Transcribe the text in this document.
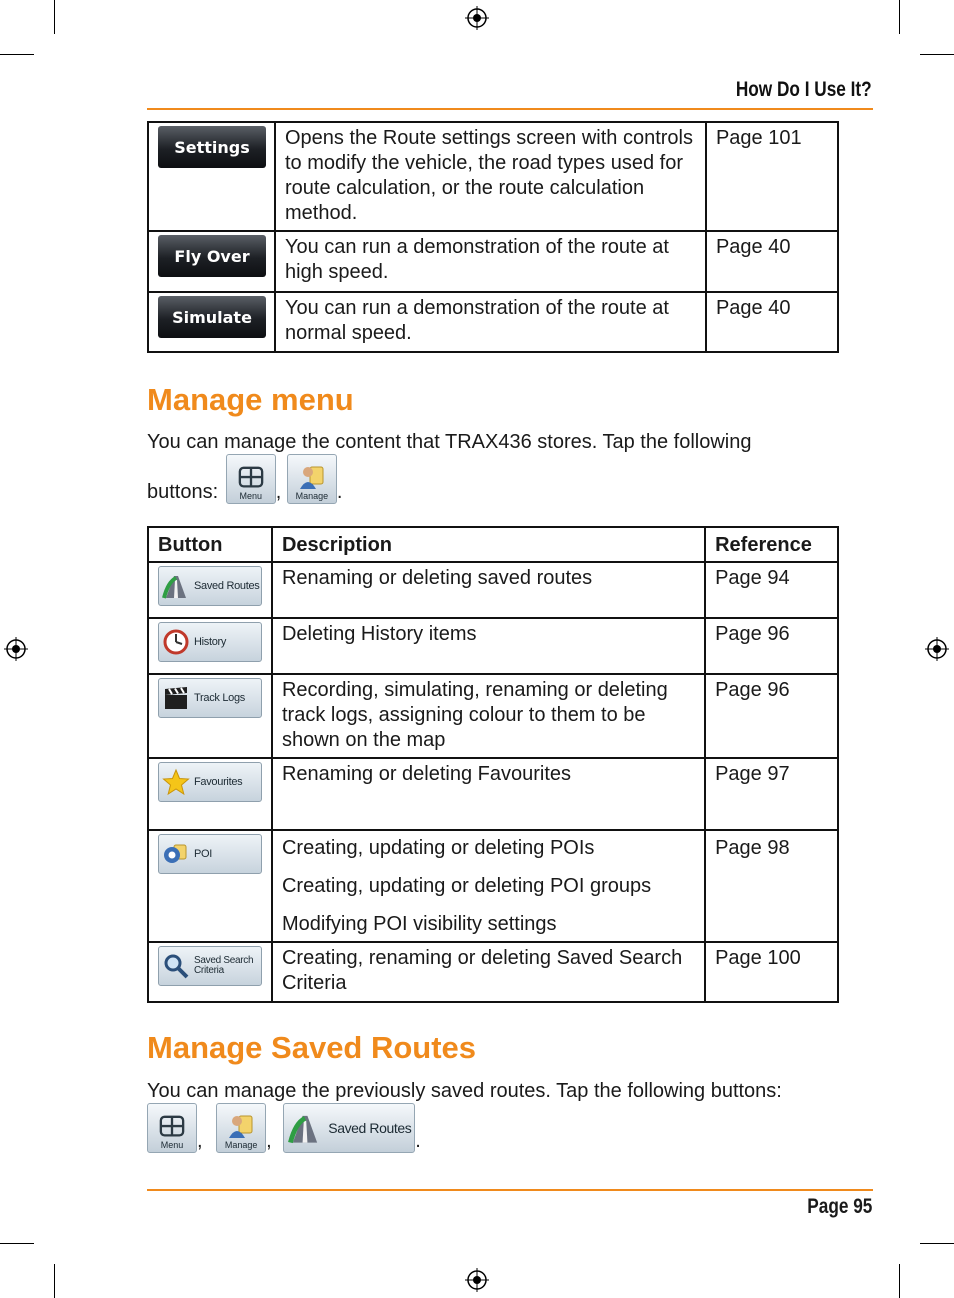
How Do I Use It?
Settings	Opens the Route settings screen with controls to modify the vehicle, the road types used for route calculation, or the route calculation method.	Page 101
Fly Over	You can run a demonstration of the route at high speed.	Page 40
Simulate	You can run a demonstration of the route at normal speed.	Page 40
Manage menu

You can manage the content that TRAX436 stores. Tap the following

buttons: Menu , Manage .
Button	Description	Reference

Saved Routes	Renaming or deleting saved routes	Page 94

History	Deleting History items	Page 96

Track Logs	Recording, simulating, renaming or deleting track logs, assigning colour to them to be shown on the map	Page 96

Favourites	Renaming or deleting Favourites	Page 97

POI	Creating, updating or deleting POIs
Creating, updating or deleting POI groups
Modifying POI visibility settings	Page 98

Saved Search Criteria	Creating, renaming or deleting Saved Search Criteria	Page 100
Manage Saved Routes

You can manage the previously saved routes. Tap the following buttons:

Menu , Manage ,
Saved Routes
.
Page 95
